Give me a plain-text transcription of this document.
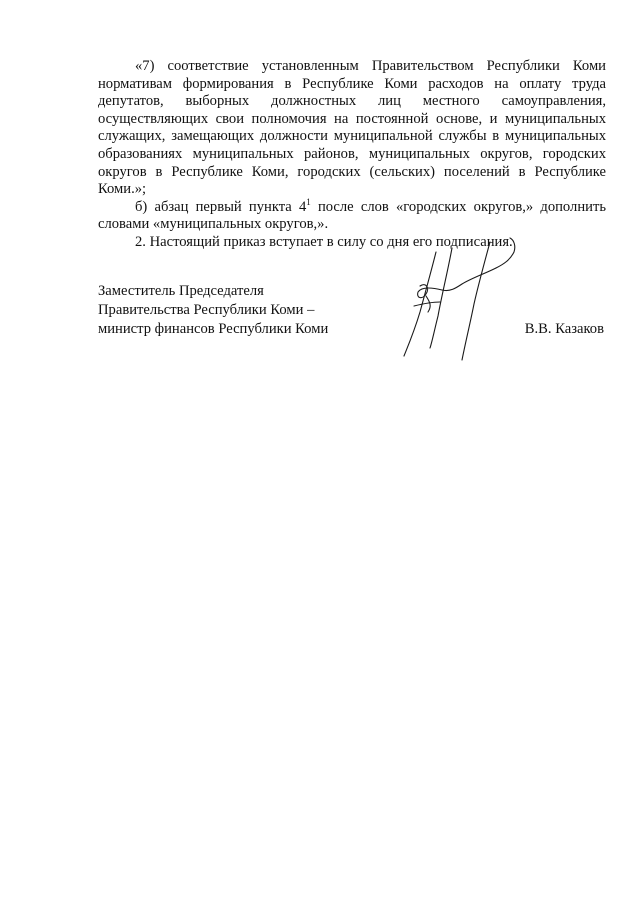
«7) соответствие установленным Правительством Республики Коми нормативам формирования в Республике Коми расходов на оплату труда депутатов, выборных должностных лиц местного самоуправления, осуществляющих свои полномочия на постоянной основе, и муниципальных служащих, замещающих должности муниципальной службы в муниципальных образованиях муниципальных районов, муниципальных округов, городских округов в Республике Коми, городских (сельских) поселений в Республике Коми.»;

б) абзац первый пункта $4^1$ после слов «городских округов,» дополнить словами «муниципальных округов,».

2. Настоящий приказ вступает в силу со дня его подписания.

Заместитель Председателя
Правительства Республики Коми –
министр финансов Республики Коми	В.В. Казаков
